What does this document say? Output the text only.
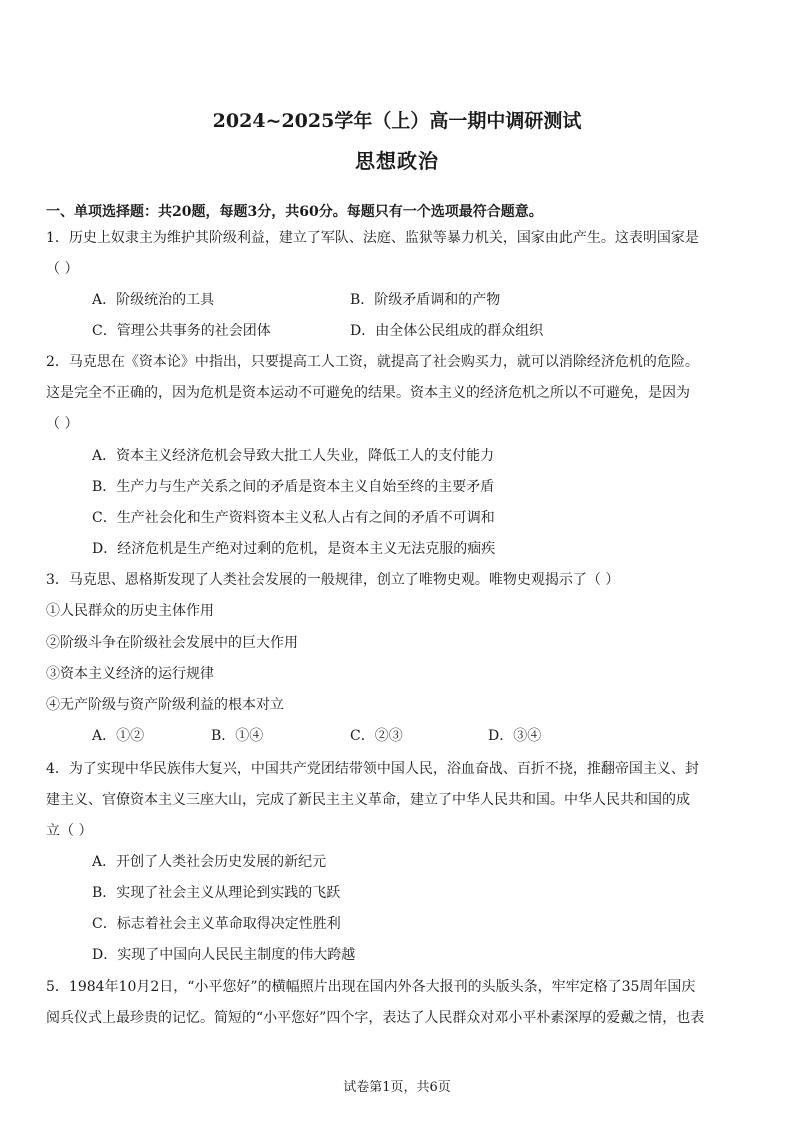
2024~2025学年（上）高一期中调研测试
思想政治
一、单项选择题：共20题，每题3分，共60分。每题只有一个选项最符合题意。
1．历史上奴隶主为维护其阶级利益，建立了军队、法庭、监狱等暴力机关，国家由此产生。这表明国家是
（ ）
A．阶级统治的工具	B．阶级矛盾调和的产物
C．管理公共事务的社会团体	D．由全体公民组成的群众组织
2．马克思在《资本论》中指出，只要提高工人工资，就提高了社会购买力，就可以消除经济危机的危险。
这是完全不正确的，因为危机是资本运动不可避免的结果。资本主义的经济危机之所以不可避免，是因为
（ ）
A．资本主义经济危机会导致大批工人失业，降低工人的支付能力
B．生产力与生产关系之间的矛盾是资本主义自始至终的主要矛盾
C．生产社会化和生产资料资本主义私人占有之间的矛盾不可调和
D．经济危机是生产绝对过剩的危机，是资本主义无法克服的痼疾
3．马克思、恩格斯发现了人类社会发展的一般规律，创立了唯物史观。唯物史观揭示了（ ）
①人民群众的历史主体作用
②阶级斗争在阶级社会发展中的巨大作用
③资本主义经济的运行规律
④无产阶级与资产阶级利益的根本对立
A．①②	B．①④	C．②③	D．③④
4．为了实现中华民族伟大复兴，中国共产党团结带领中国人民，浴血奋战、百折不挠，推翻帝国主义、封
建主义、官僚资本主义三座大山，完成了新民主主义革命，建立了中华人民共和国。中华人民共和国的成
立（ ）
A．开创了人类社会历史发展的新纪元
B．实现了社会主义从理论到实践的飞跃
C．标志着社会主义革命取得决定性胜利
D．实现了中国向人民民主制度的伟大跨越
5．1984年10月2日，“小平您好”的横幅照片出现在国内外各大报刊的头版头条，牢牢定格了35周年国庆
阅兵仪式上最珍贵的记忆。简短的“小平您好”四个字，表达了人民群众对邓小平朴素深厚的爱戴之情，也表
试卷第1页，共6页
